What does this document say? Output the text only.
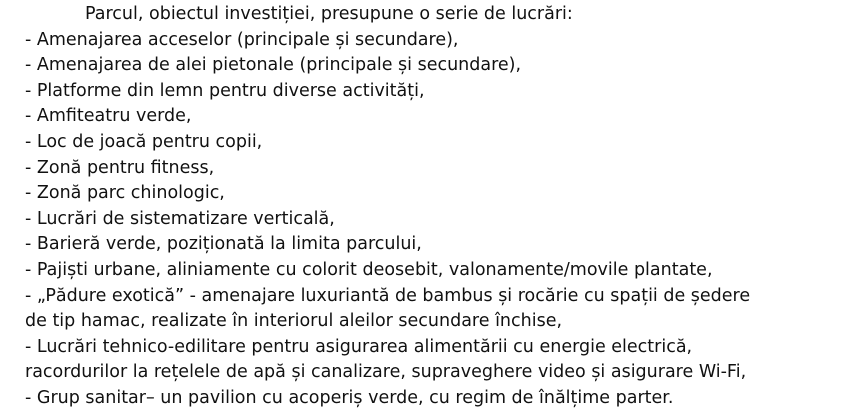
Parcul, obiectul investiției, presupune o serie de lucrări:
- Amenajarea acceselor (principale și secundare),
- Amenajarea de alei pietonale (principale și secundare),
- Platforme din lemn pentru diverse activități,
- Amfiteatru verde,
- Loc de joacă pentru copii,
- Zonă pentru fitness,
- Zonă parc chinologic,
- Lucrări de sistematizare verticală,
- Barieră verde, poziționată la limita parcului,
- Pajiști urbane, aliniamente cu colorit deosebit, valonamente/movile plantate,
- „Pădure exotică” - amenajare luxuriantă de bambus și rocărie cu spații de ședere
de tip hamac, realizate în interiorul aleilor secundare închise,
- Lucrări tehnico-edilitare pentru asigurarea alimentării cu energie electrică,
racordurilor la rețelele de apă și canalizare, supraveghere video și asigurare Wi-Fi,
- Grup sanitar– un pavilion cu acoperiș verde, cu regim de înălțime parter.
